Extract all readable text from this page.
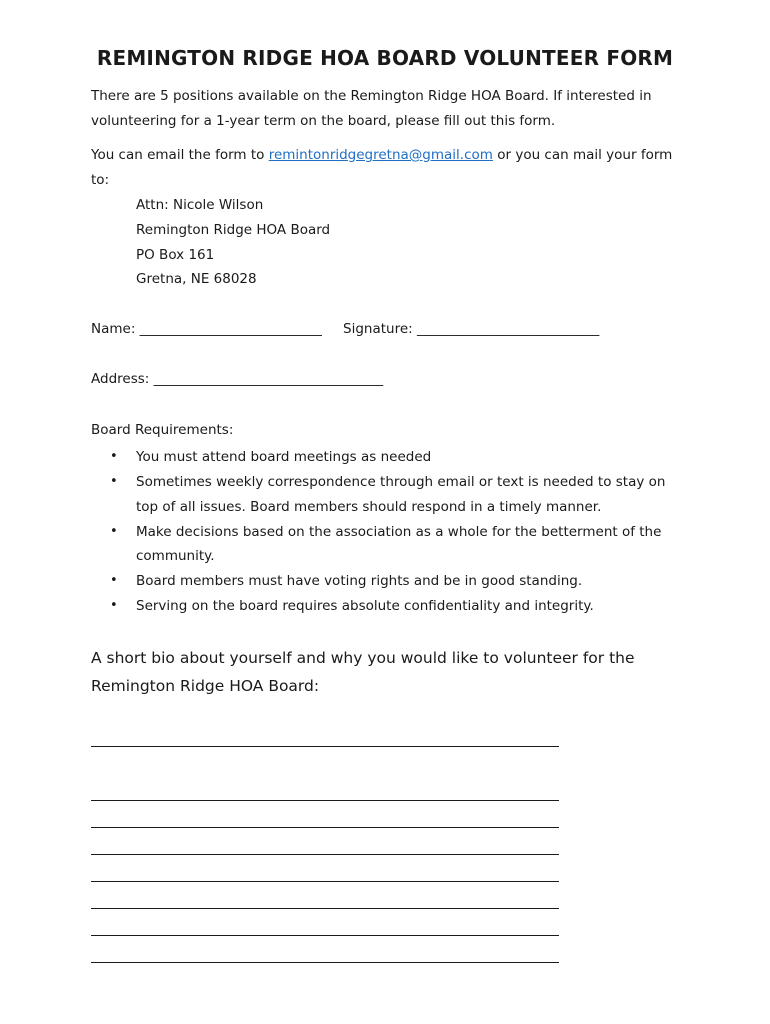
REMINGTON RIDGE HOA BOARD VOLUNTEER FORM
There are 5 positions available on the Remington Ridge HOA Board. If interested in volunteering for a 1-year term on the board, please fill out this form.
You can email the form to remintonridgegretna@gmail.com or you can mail your form to:
Attn: Nicole Wilson
Remington Ridge HOA Board
PO Box 161
Gretna, NE 68028
Name: ___________________________ Signature: ___________________________
Address: __________________________________
Board Requirements:
• You must attend board meetings as needed
• Sometimes weekly correspondence through email or text is needed to stay on top of all issues. Board members should respond in a timely manner.
• Make decisions based on the association as a whole for the betterment of the community.
• Board members must have voting rights and be in good standing.
• Serving on the board requires absolute confidentiality and integrity.
A short bio about yourself and why you would like to volunteer for the Remington Ridge HOA Board:
